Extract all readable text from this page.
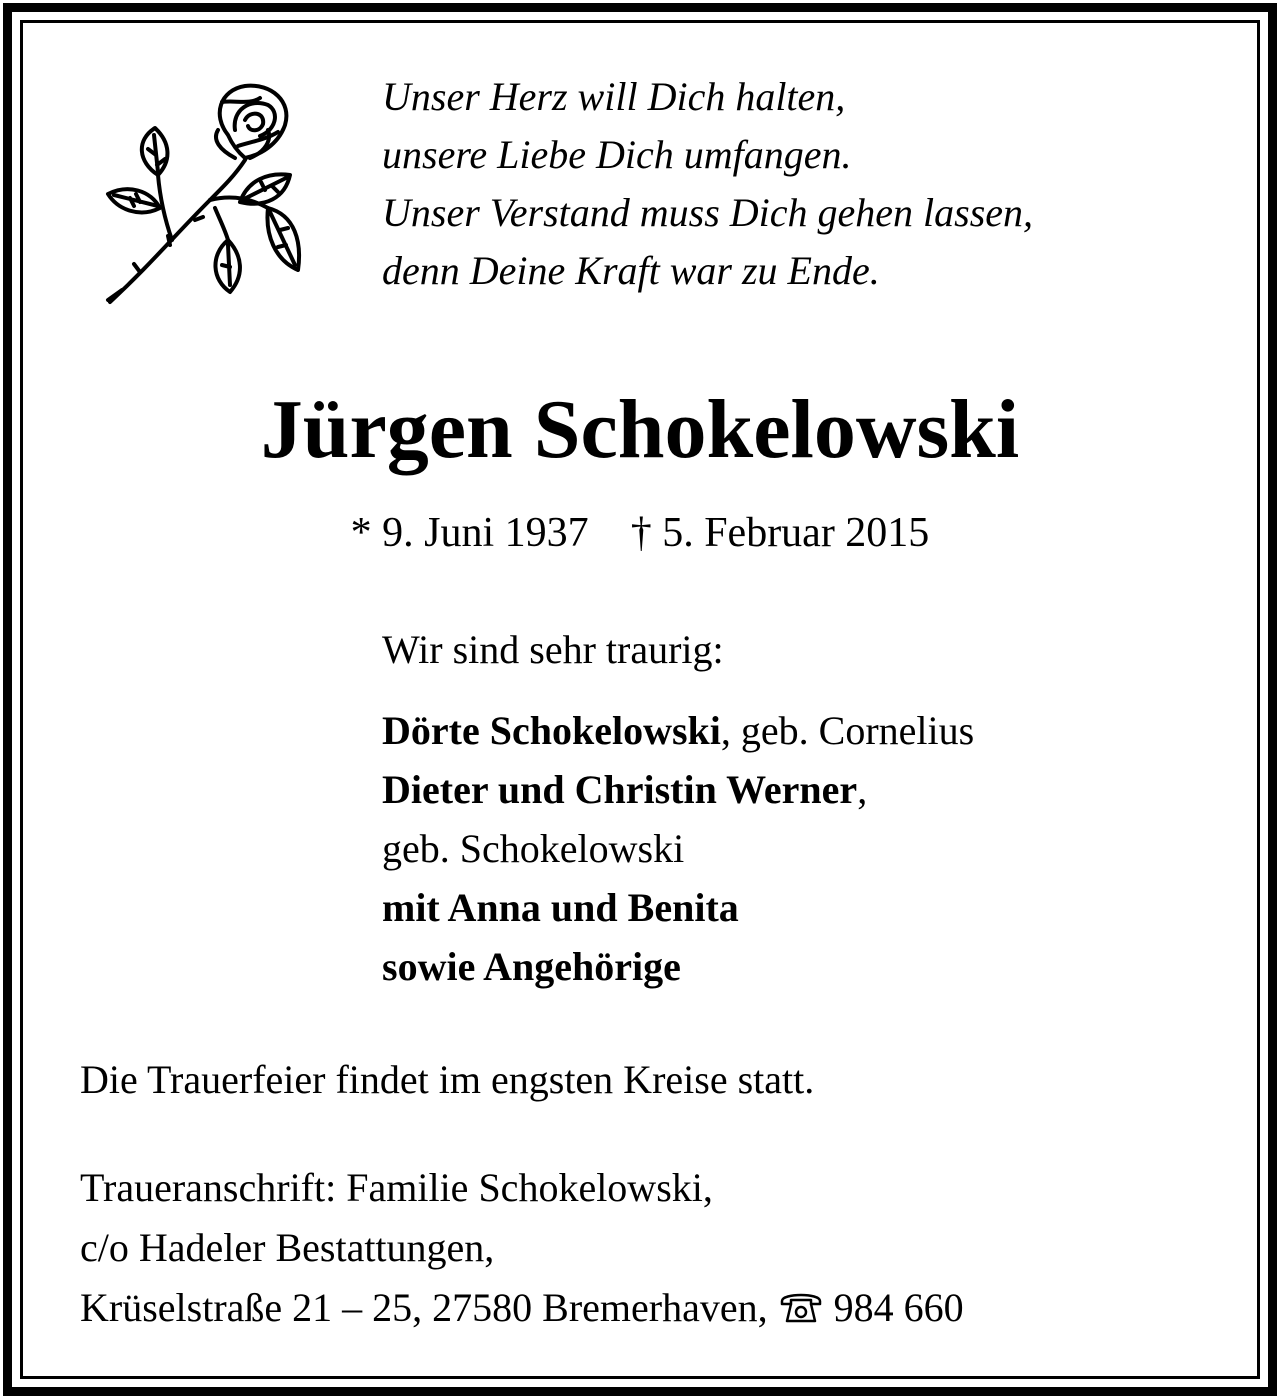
Unser Herz will Dich halten,
unsere Liebe Dich umfangen.
Unser Verstand muss Dich gehen lassen,
denn Deine Kraft war zu Ende.
Jürgen Schokelowski
* 9. Juni 1937 † 5. Februar 2015
Wir sind sehr traurig:
Dörte Schokelowski, geb. Cornelius
Dieter und Christin Werner,
geb. Schokelowski
mit Anna und Benita
sowie Angehörige
Die Trauerfeier findet im engsten Kreise statt.
Traueranschrift: Familie Schokelowski,
c/o Hadeler Bestattungen,
Krüselstraße 21 – 25, 27580 Bremerhaven, 984 660
